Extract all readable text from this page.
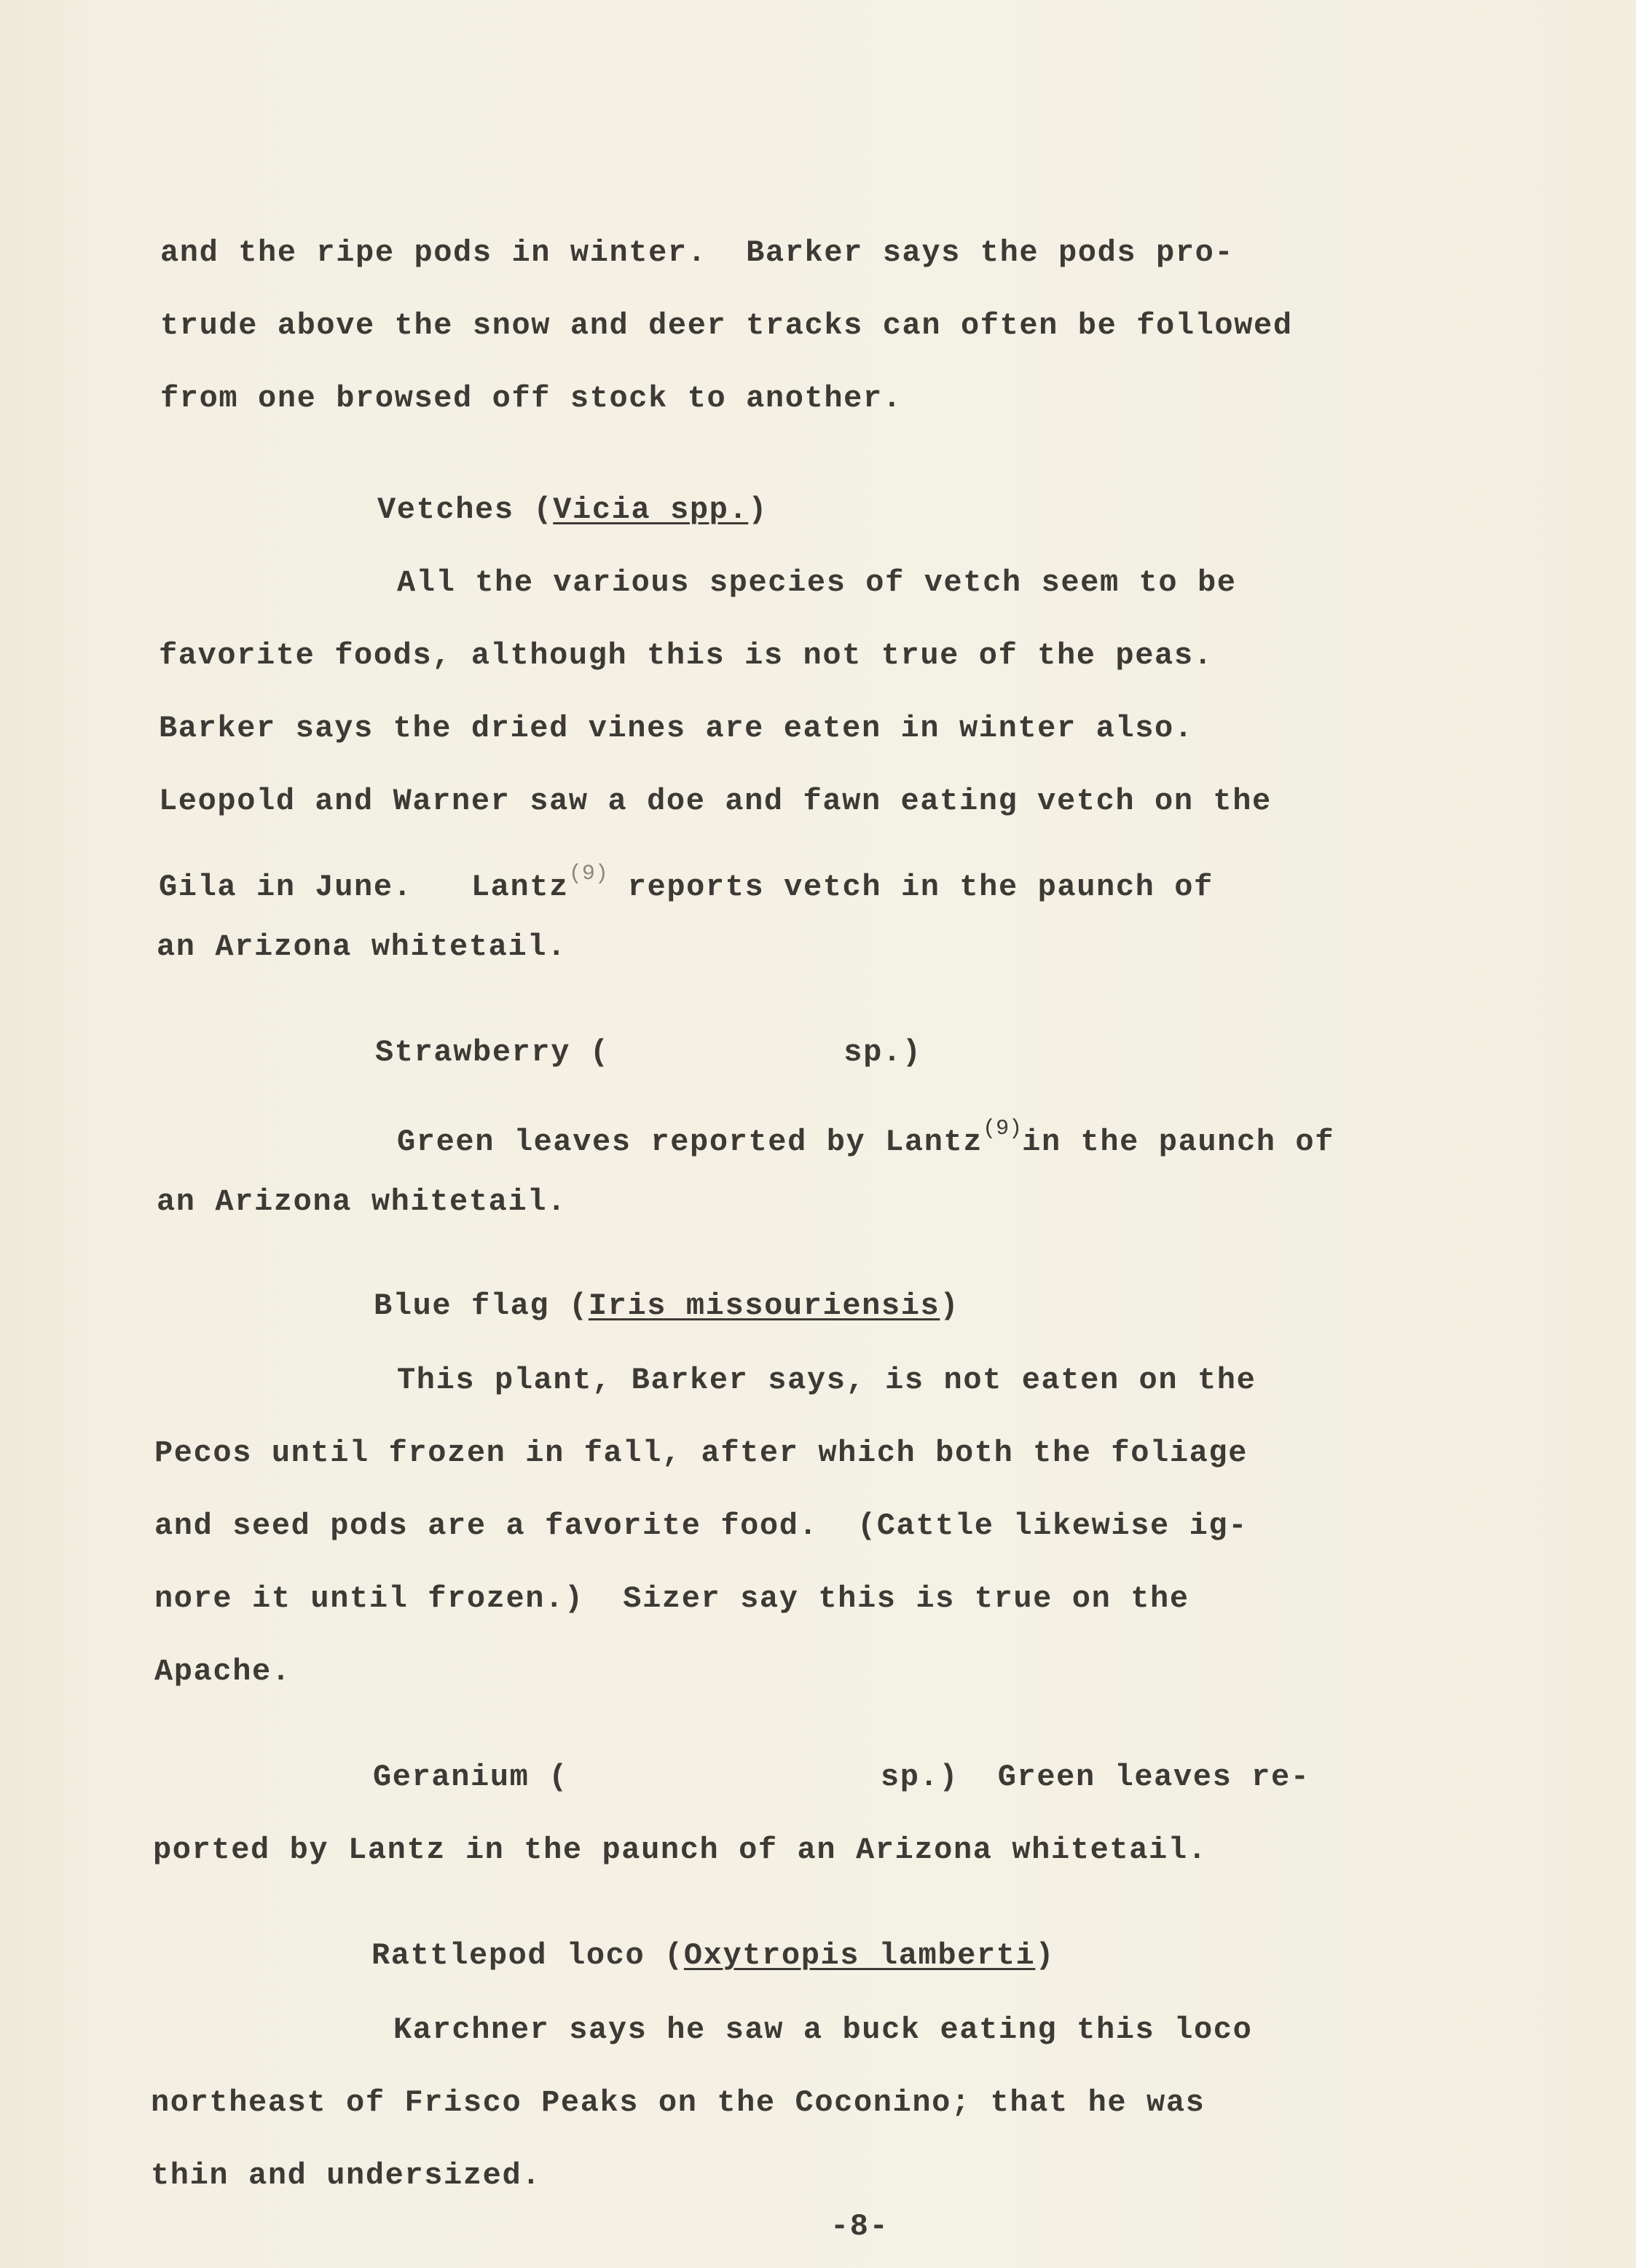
and the ripe pods in winter.  Barker says the pods pro-
trude above the snow and deer tracks can often be followed
from one browsed off stock to another.
Vetches (Vicia spp.)
All the various species of vetch seem to be
favorite foods, although this is not true of the peas.
Barker says the dried vines are eaten in winter also.
Leopold and Warner saw a doe and fawn eating vetch on the
Gila in June.   Lantz$^{(9)}$ reports vetch in the paunch of
an Arizona whitetail.
Strawberry (            sp.)
Green leaves reported by Lantz$^{(9)}$in the paunch of
an Arizona whitetail.
Blue flag (Iris missouriensis)
This plant, Barker says, is not eaten on the
Pecos until frozen in fall, after which both the foliage
and seed pods are a favorite food.  (Cattle likewise ig-
nore it until frozen.)  Sizer say this is true on the
Apache.
Geranium (                sp.)  Green leaves re-
ported by Lantz in the paunch of an Arizona whitetail.
Rattlepod loco (Oxytropis lamberti)
Karchner says he saw a buck eating this loco
northeast of Frisco Peaks on the Coconino; that he was
thin and undersized.
-8-
